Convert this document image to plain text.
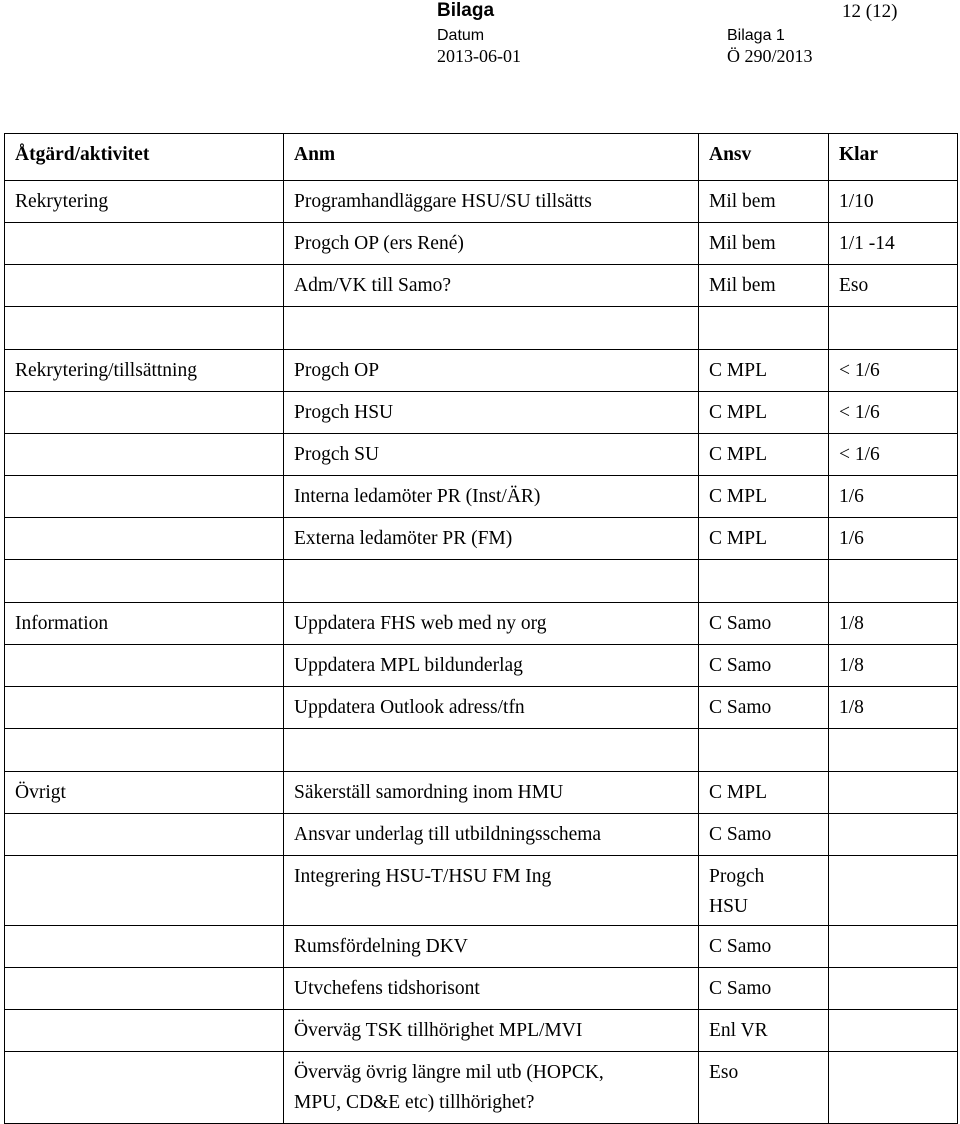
Bilaga	12 (12)
Datum
2013-06-01
Bilaga 1
Ö 290/2013
Åtgärd/aktivitet	Anm	Ansv	Klar
Rekrytering	Programhandläggare HSU/SU tillsätts	Mil bem	1/10
	Progch OP (ers René)	Mil bem	1/1 -14
	Adm/VK till Samo?	Mil bem	Eso

Rekrytering/tillsättning	Progch OP	C MPL	< 1/6
	Progch HSU	C MPL	< 1/6
	Progch SU	C MPL	< 1/6
	Interna ledamöter PR (Inst/ÄR)	C MPL	1/6
	Externa ledamöter PR (FM)	C MPL	1/6

Information	Uppdatera FHS web med ny org	C Samo	1/8
	Uppdatera MPL bildunderlag	C Samo	1/8
	Uppdatera Outlook adress/tfn	C Samo	1/8

Övrigt	Säkerställ samordning inom HMU	C MPL	
	Ansvar underlag till utbildningsschema	C Samo	
	Integrering HSU-T/HSU FM Ing	Progch
HSU	

	Rumsfördelning DKV	C Samo	
	Utvchefens tidshorisont	C Samo	
	Överväg TSK tillhörighet MPL/MVI	Enl VR	

	Överväg övrig längre mil utb (HOPCK,
MPU, CD&E etc) tillhörighet?	Eso	
